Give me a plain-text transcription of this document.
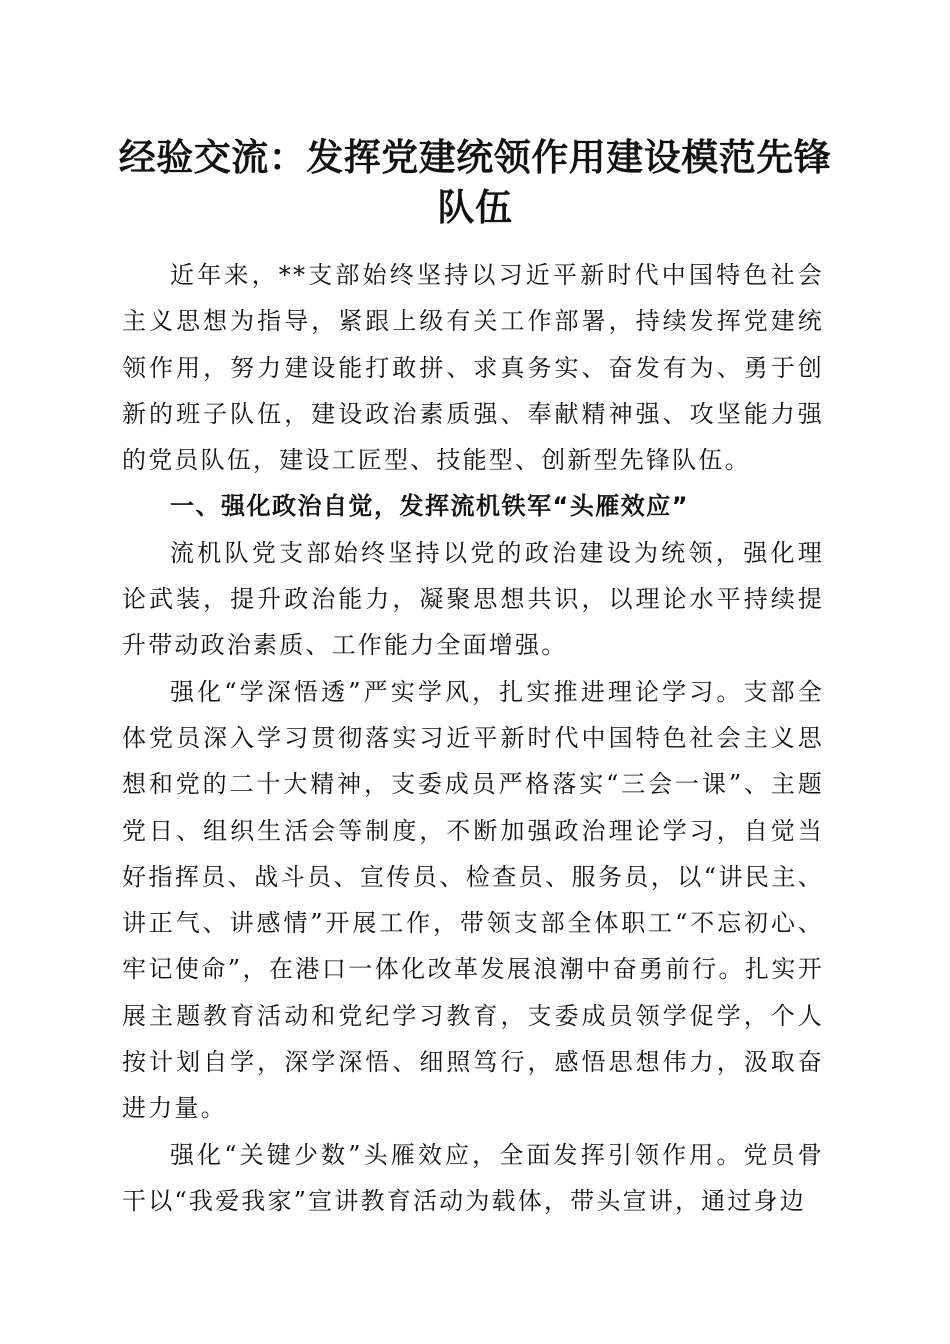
经验交流：发挥党建统领作用建设模范先锋队伍

近年来，**支部始终坚持以习近平新时代中国特色社会主义思想为指导，紧跟上级有关工作部署，持续发挥党建统领作用，努力建设能打敢拼、求真务实、奋发有为、勇于创新的班子队伍，建设政治素质强、奉献精神强、攻坚能力强的党员队伍，建设工匠型、技能型、创新型先锋队伍。

一、强化政治自觉，发挥流机铁军“头雁效应”

流机队党支部始终坚持以党的政治建设为统领，强化理论武装，提升政治能力，凝聚思想共识，以理论水平持续提升带动政治素质、工作能力全面增强。

强化“学深悟透”严实学风，扎实推进理论学习。支部全体党员深入学习贯彻落实习近平新时代中国特色社会主义思想和党的二十大精神，支委成员严格落实“三会一课”、主题党日、组织生活会等制度，不断加强政治理论学习，自觉当好指挥员、战斗员、宣传员、检查员、服务员，以“讲民主、讲正气、讲感情”开展工作，带领支部全体职工“不忘初心、牢记使命”，在港口一体化改革发展浪潮中奋勇前行。扎实开展主题教育活动和党纪学习教育，支委成员领学促学，个人按计划自学，深学深悟、细照笃行，感悟思想伟力，汲取奋进力量。

强化“关键少数”头雁效应，全面发挥引领作用。党员骨干以“我爱我家”宣讲教育活动为载体，带头宣讲，通过身边
